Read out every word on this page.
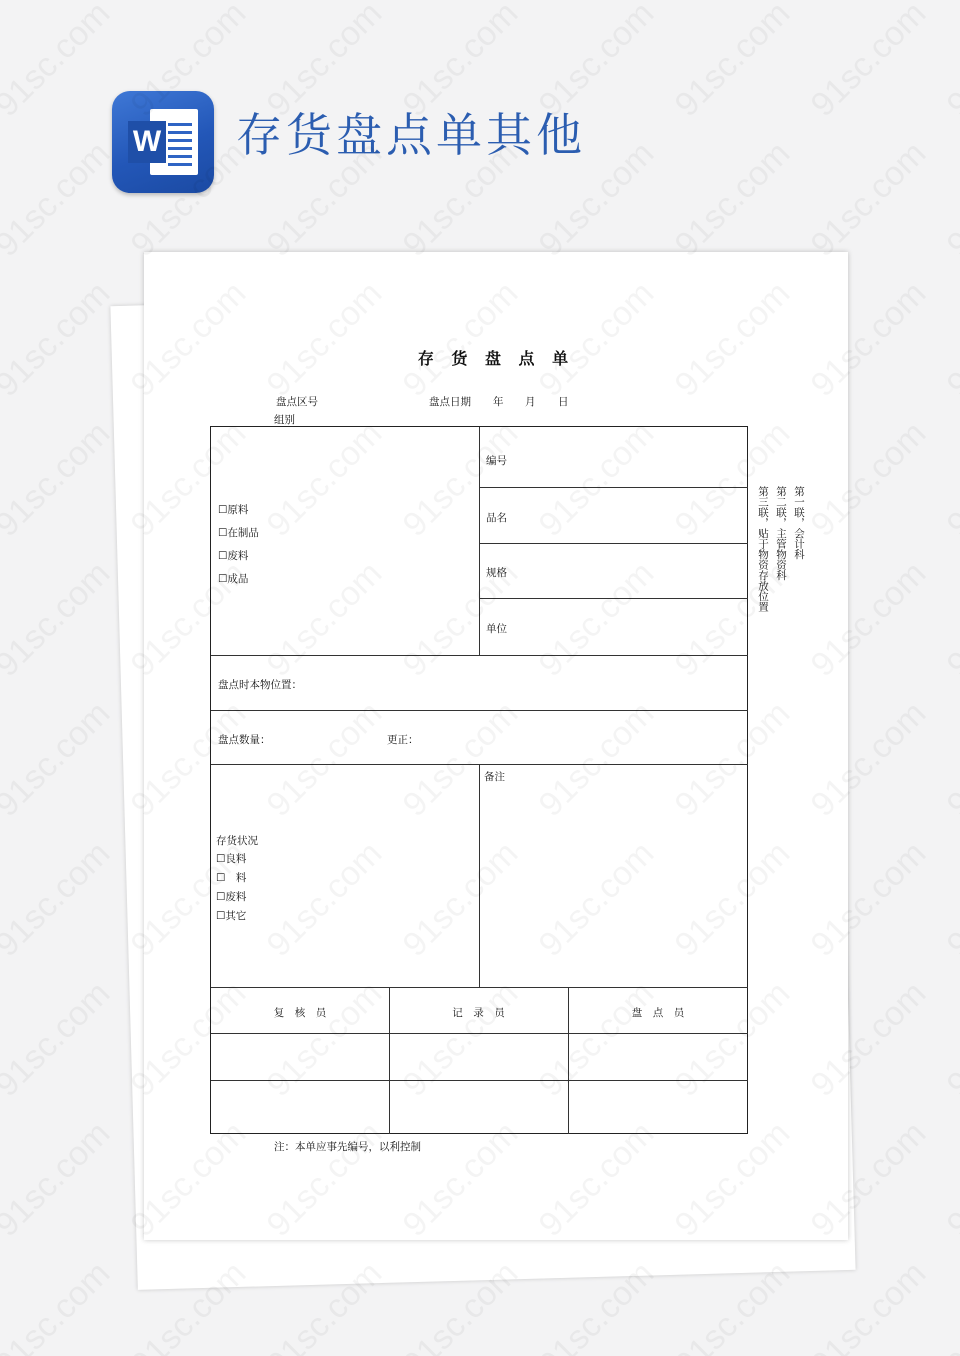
W 存货盘点单其他
存 货 盘 点 单
盘点区号
组别
盘点日期 年 月 日
☐原料
☐在制品
☐废料
☐成品
编号
品名
规格
单位
盘点时本物位置：
盘点数量：	更正：
备注
存货状况
☐良料
☐　料
☐废料
☐其它
复　核　员	记　录　员	盘　点　员
第一联，会计科
第二联，主管物资科
第三联，贴于物资存放位置
注：本单应事先编号，以利控制
